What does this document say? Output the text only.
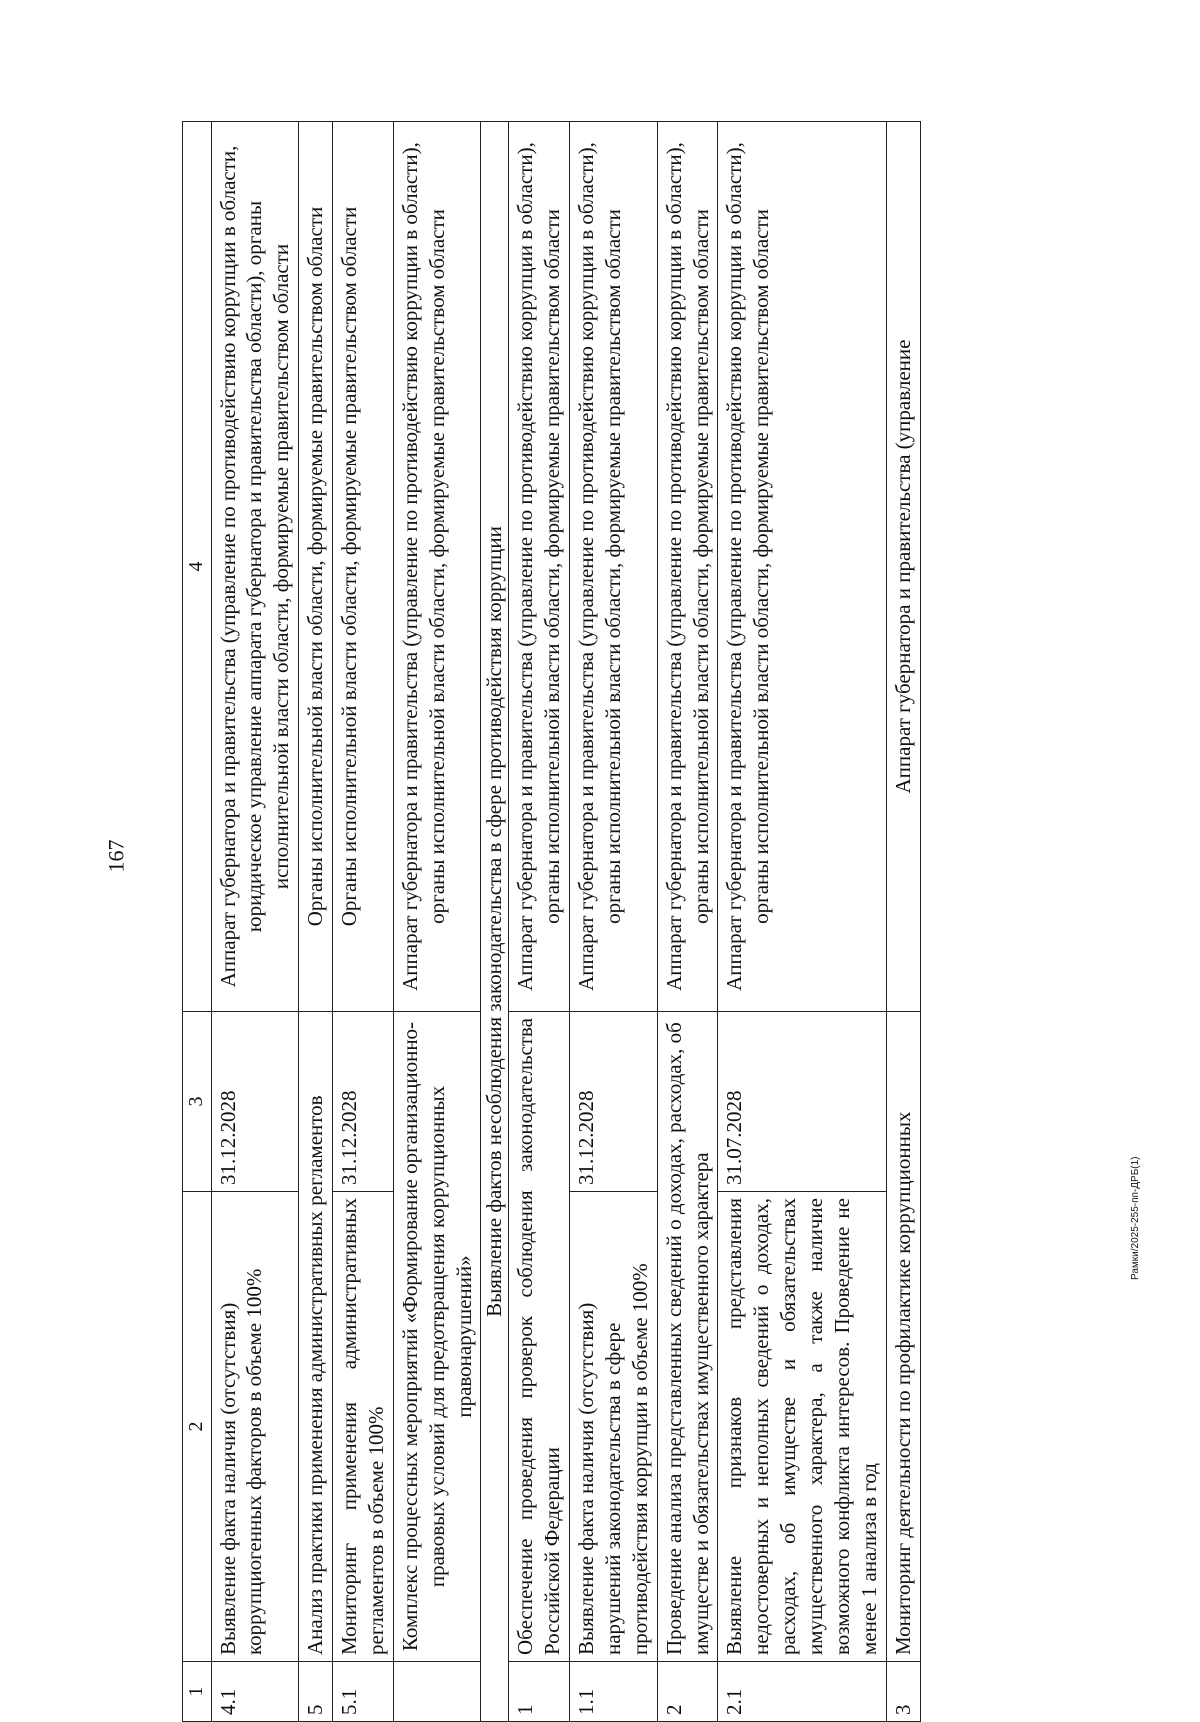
167
Рамки/2025-255-пп-ДРБ(1)
1	2	3	4
4.1	Выявление факта наличия (отсутствия) коррупциогенных факторов в объеме 100%	31.12.2028	Аппарат губернатора и правительства (управление по противодействию коррупции в области, юридическое управление аппарата губернатора и правительства области), органы исполнительной власти области, формируемые правительством области
5	Анализ практики применения административных регламентов		Органы исполнительной власти области, формируемые правительством области
5.1	Мониторинг применения административных регламентов в объеме 100%	31.12.2028	Органы исполнительной власти области, формируемые правительством области
	Комплекс процессных мероприятий «Формирование организационно-правовых условий для предотвращения коррупционных правонарушений»		Аппарат губернатора и правительства (управление по противодействию коррупции в области), органы исполнительной власти области, формируемые правительством области
Выявление фактов несоблюдения законодательства в сфере противодействия коррупции			
1	Обеспечение проведения проверок соблюдения законодательства Российской Федерации		Аппарат губернатора и правительства (управление по противодействию коррупции в области), органы исполнительной власти области, формируемые правительством области
1.1	Выявление факта наличия (отсутствия) нарушений законодательства в сфере противодействия коррупции в объеме 100%	31.12.2028	Аппарат губернатора и правительства (управление по противодействию коррупции в области), органы исполнительной власти области, формируемые правительством области
2	Проведение анализа представленных сведений о доходах, расходах, об имуществе и обязательствах имущественного характера		Аппарат губернатора и правительства (управление по противодействию коррупции в области), органы исполнительной власти области, формируемые правительством области
2.1	Выявление признаков представления недостоверных и неполных сведений о доходах, расходах, об имуществе и обязательствах имущественного характера, а также наличие возможного конфликта интересов. Проведение не менее 1 анализа в год	31.07.2028	Аппарат губернатора и правительства (управление по противодействию коррупции в области), органы исполнительной власти области, формируемые правительством области
3	Мониторинг деятельности по профилактике коррупционных		Аппарат губернатора и правительства (управление
